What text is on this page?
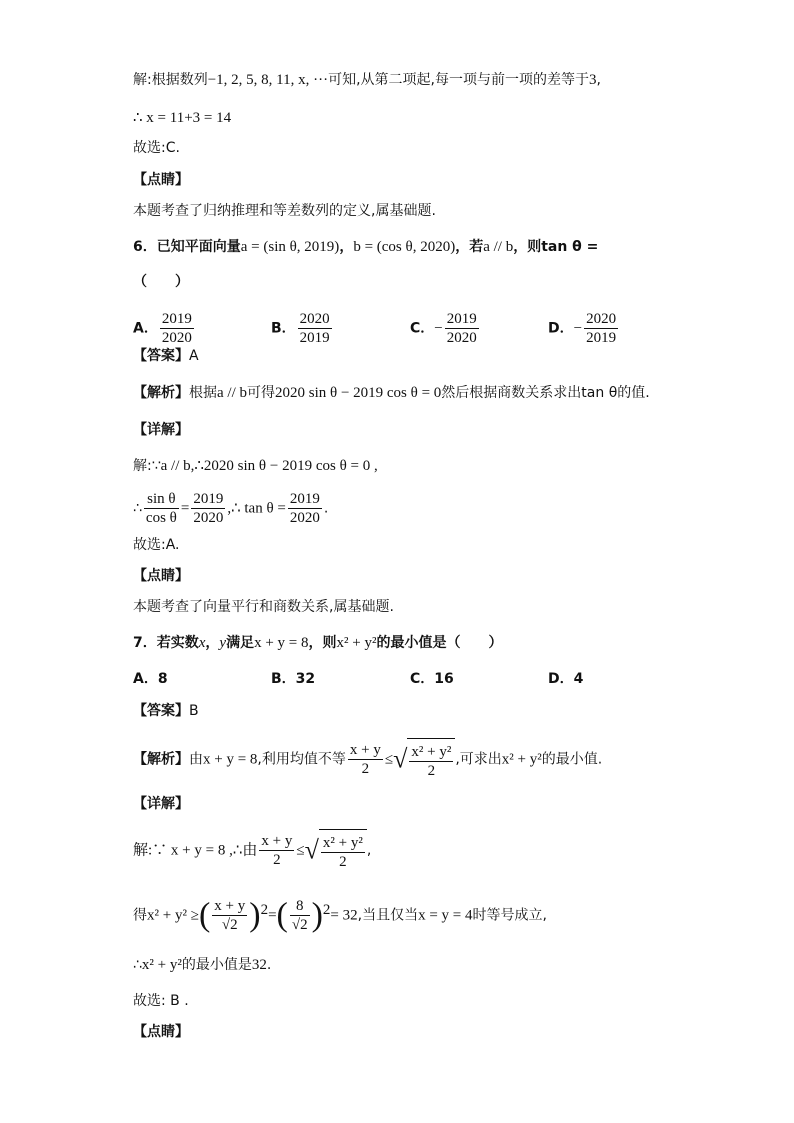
解:根据数列−1, 2, 5, 8, 11, x, ···可知,从第二项起,每一项与前一项的差等于3,
∴ x = 11+3 = 14
故选:C.
【点睛】
本题考查了归纳推理和等差数列的定义,属基础题.
6．已知平面向量a = (sin θ, 2019)，b = (cos θ, 2020)，若a // b，则tan θ =
（　　）
A． $\frac{2019}{2020}$	B． $\frac{2020}{2019}$	C．− $\frac{2019}{2020}$	D．− $\frac{2020}{2019}$
【答案】A
【解析】根据a // b可得2020 sin θ − 2019 cos θ = 0然后根据商数关系求出tan θ的值.
【详解】
解:∵a // b,∴2020 sin θ − 2019 cos θ = 0 ,
∴ $\frac{\text{sin θ}}{\text{cos θ}} = \frac{2019}{2020}$ ,∴ $\tan \theta = \frac{2019}{2020}$ .
故选:A.
【点睛】
本题考查了向量平行和商数关系,属基础题.
7．若实数x，y满足x + y = 8，则x² + y²的最小值是（　　）
A．8	B．32	C．16	D．4
【答案】B
【解析】由x + y = 8,利用均值不等 $\frac{x + y}{2}$ ≤√ $\frac{\text{x² + y²}}{2}$ ,可求出x² + y²的最小值.
【详解】
解:∵ x + y = 8 ,∴由 $\frac{x + y}{2}$ ≤√ $\frac{\text{x² + y²}}{2}$ ,
得x² + y² ≥( $\frac{x + y}{√2} )^2=( \frac{8}{√2} )^2= 32$,当且仅当x = y = 4时等号成立,
∴x² + y²的最小值是32.
故选: B .
【点睛】
